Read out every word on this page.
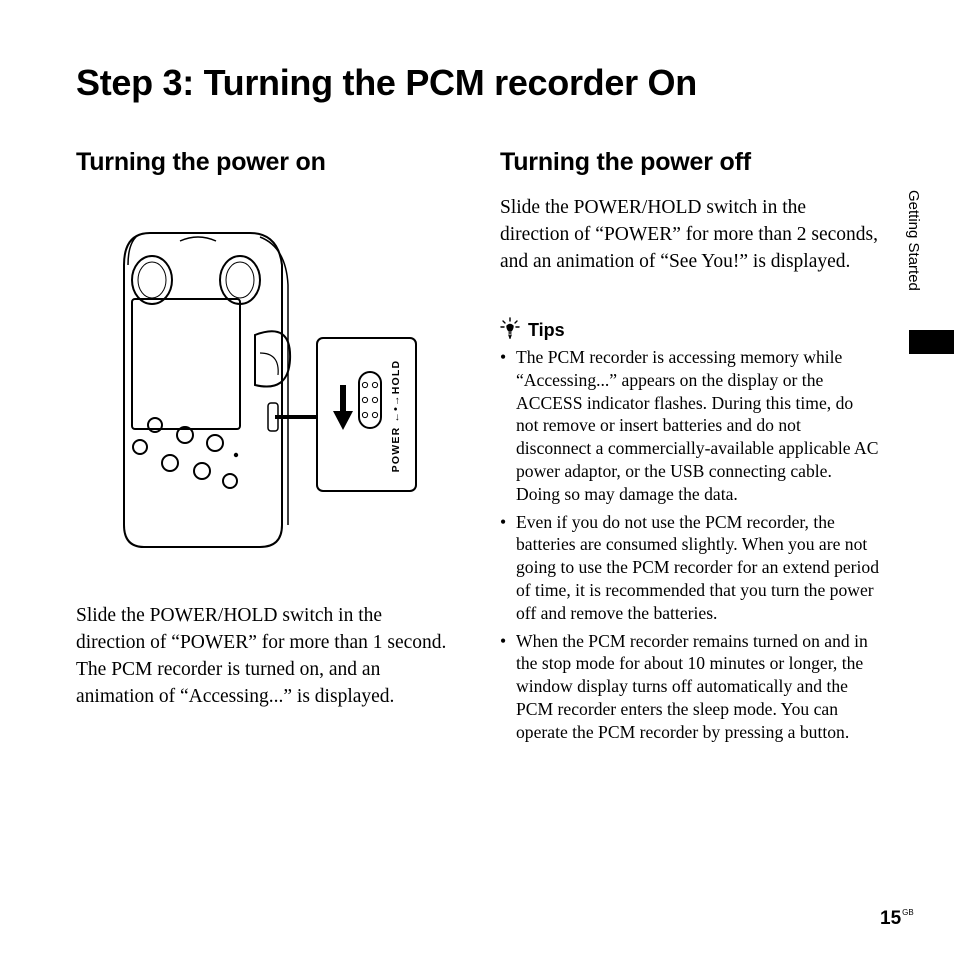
Step 3: Turning the PCM recorder On
Turning the power on
POWER ←•→HOLD

Slide the POWER/HOLD switch in the direction of “POWER” for more than 1 second. The PCM recorder is turned on, and an animation of “Accessing...” is displayed.

Turning the power off

Slide the POWER/HOLD switch in the direction of “POWER” for more than 2 seconds, and an animation of “See You!” is displayed.

Tips
• The PCM recorder is accessing memory while “Accessing...” appears on the display or the ACCESS indicator flashes. During this time, do not remove or insert batteries and do not disconnect a commercially-available applicable AC power adaptor, or the USB connecting cable. Doing so may damage the data.
• Even if you do not use the PCM recorder, the batteries are consumed slightly. When you are not going to use the PCM recorder for an extend period of time, it is recommended that you turn the power off and remove the batteries.
• When the PCM recorder remains turned on and in the stop mode for about 10 minutes or longer, the window display turns off automatically and the PCM recorder enters the sleep mode. You can operate the PCM recorder by pressing a button.
Getting Started
$15^{GB}$
